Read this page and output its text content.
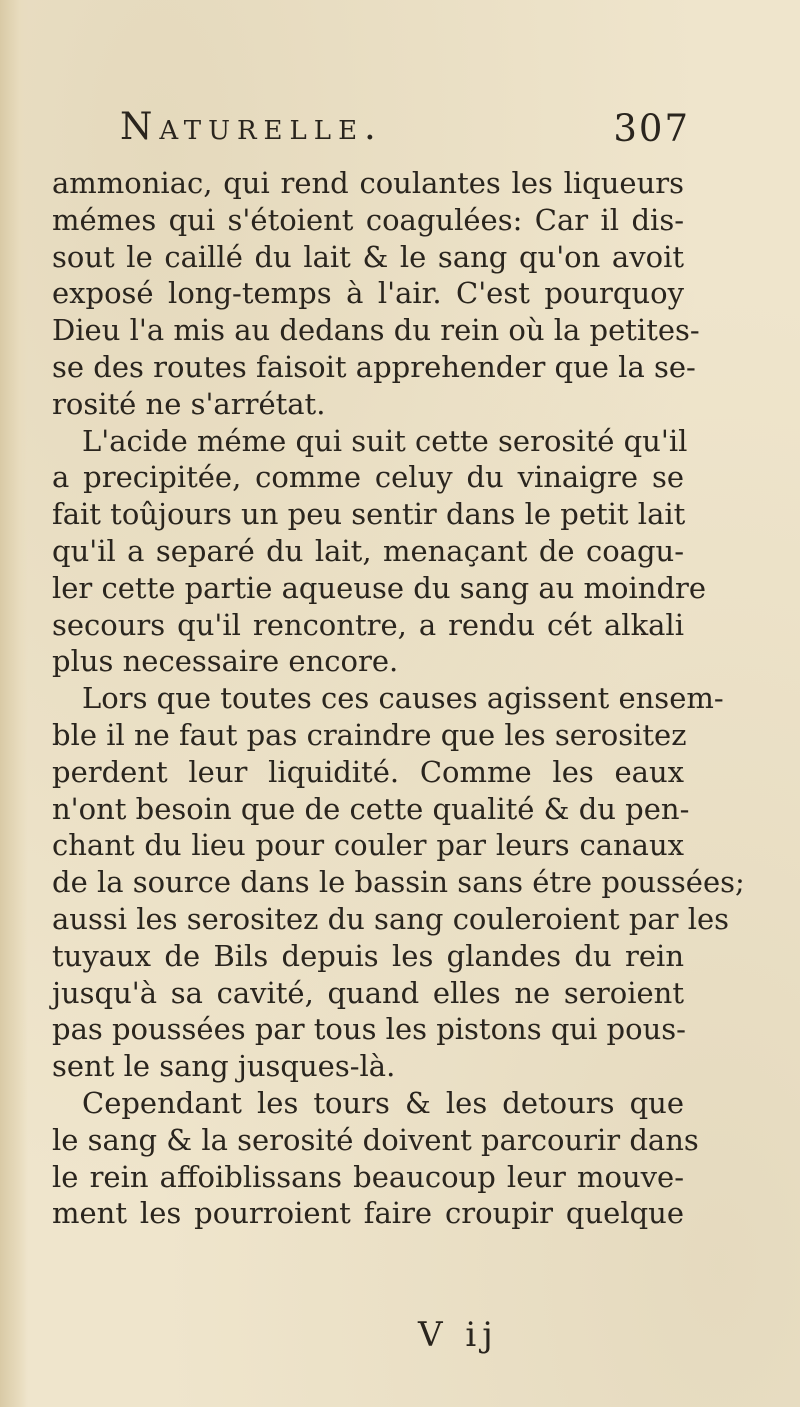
Naturelle.	307
ammoniac, qui rend coulantes les liqueurs
mémes qui s'étoient coagulées: Car il dis-
sout le caillé du lait & le sang qu'on avoit
exposé long-temps à l'air. C'est pourquoy
Dieu l'a mis au dedans du rein où la petites-
se des routes faisoit apprehender que la se-
rosité ne s'arrétat.
L'acide méme qui suit cette serosité qu'il
a precipitée, comme celuy du vinaigre se
fait toûjours un peu sentir dans le petit lait
qu'il a separé du lait, menaçant de coagu-
ler cette partie aqueuse du sang au moindre
secours qu'il rencontre, a rendu cét alkali
plus necessaire encore.
Lors que toutes ces causes agissent ensem-
ble il ne faut pas craindre que les serositez
perdent leur liquidité. Comme les eaux
n'ont besoin que de cette qualité & du pen-
chant du lieu pour couler par leurs canaux
de la source dans le bassin sans étre poussées;
aussi les serositez du sang couleroient par les
tuyaux de Bils depuis les glandes du rein
jusqu'à sa cavité, quand elles ne seroient
pas poussées par tous les pistons qui pous-
sent le sang jusques-là.
Cependant les tours & les detours que
le sang & la serosité doivent parcourir dans
le rein affoiblissans beaucoup leur mouve-
ment les pourroient faire croupir quelque
V ij
